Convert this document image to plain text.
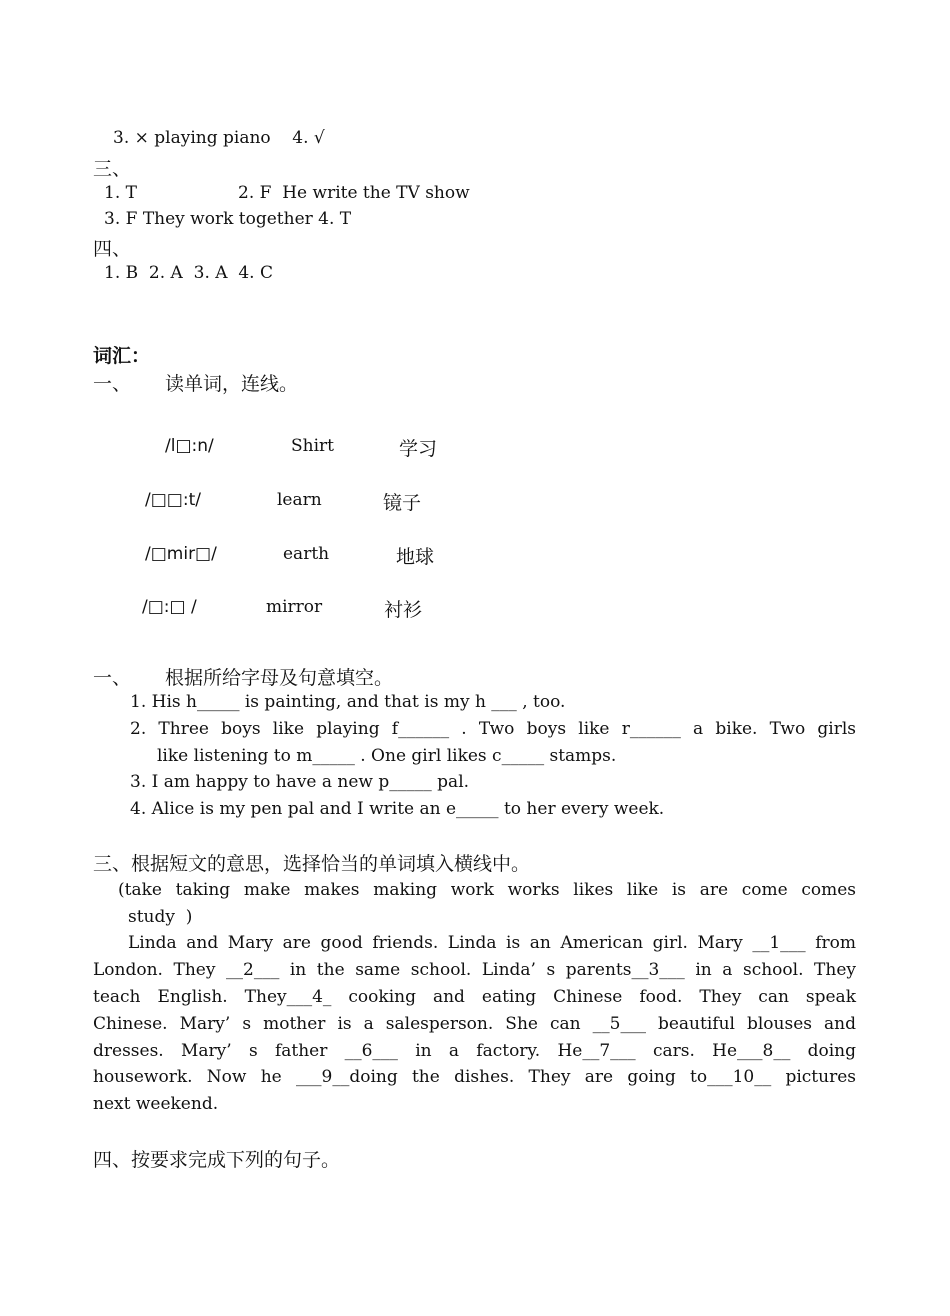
3. × playing piano    4. √
三、
1. T	2. F  He write the TV show
3. F They work together 4. T
四、
1. B  2. A  3. A  4. C
词汇：
一、 读单词，连线。
/l□:n/	Shirt	学习
/□□:t/	learn	镜子
/□mir□/	earth	地球
/□:□ /	mirror	衬衫
一、 根据所给字母及句意填空。
1. His h_____ is painting, and that is my h ___ , too.
2. Three boys like playing f______ . Two boys like r______ a bike. Two girls
like listening to m_____ . One girl likes c_____ stamps.
3. I am happy to have a new p_____ pal.
4. Alice is my pen pal and I write an e_____ to her every week.
三、根据短文的意思，选择恰当的单词填入横线中。
(take taking make makes making work works likes like is are come comes
study  )
Linda and Mary are good friends. Linda is an American girl. Mary __1___ from
London. They __2___ in the same school. Linda’ s parents__3___ in a school. They
teach English. They___4_ cooking and eating Chinese food. They can speak
Chinese. Mary’ s mother is a salesperson. She can __5___ beautiful blouses and
dresses. Mary’ s father __6___ in a factory. He__7___ cars. He___8__ doing
housework. Now he ___9__doing the dishes. They are going to___10__ pictures
next weekend.
四、按要求完成下列的句子。
